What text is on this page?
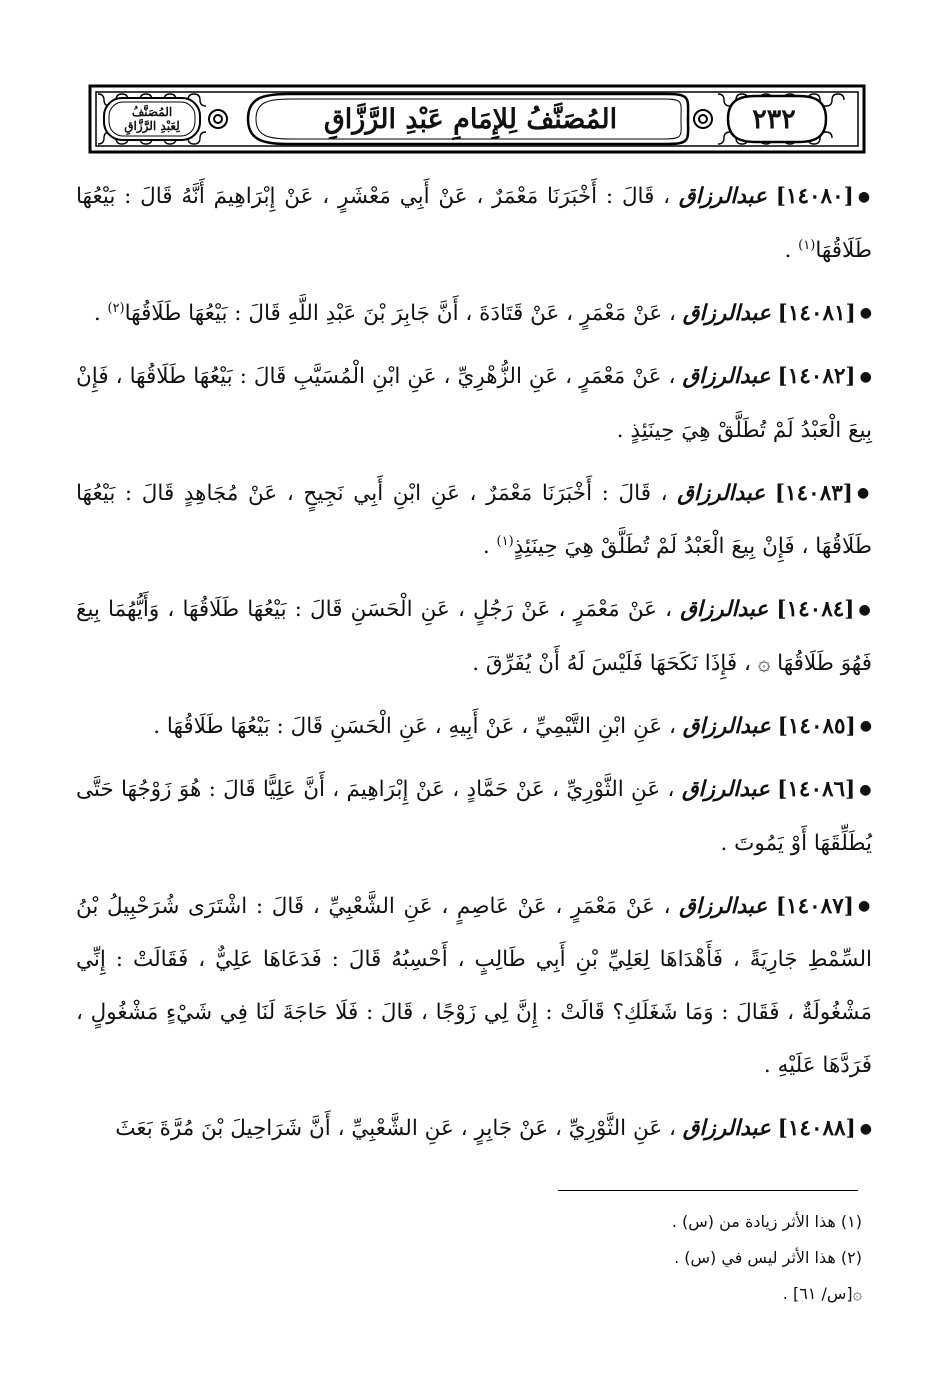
المُصَنَّفُ
لِعَبْدِ الرَّزَّاقِ	المُصَنَّفُ لِلإِمَامِ عَبْدِ الرَّزَّاقِ	٢٣٢

●[١٤٠٨٠] عبدالرزاق ، قَالَ : أَخْبَرَنَا مَعْمَرٌ ، عَنْ أَبِي مَعْشَرٍ ، عَنْ إِبْرَاهِيمَ أَنَّهُ قَالَ : بَيْعُهَا طَلَاقُهَا$^{(١)}$ .

●[١٤٠٨١] عبدالرزاق ، عَنْ مَعْمَرٍ ، عَنْ قَتَادَةَ ، أَنَّ جَابِرَ بْنَ عَبْدِ اللَّهِ قَالَ : بَيْعُهَا طَلَاقُهَا$^{(٢)}$ .

●[١٤٠٨٢] عبدالرزاق ، عَنْ مَعْمَرٍ ، عَنِ الزُّهْرِيِّ ، عَنِ ابْنِ الْمُسَيَّبِ قَالَ : بَيْعُهَا طَلَاقُهَا ، فَإِنْ بِيعَ الْعَبْدُ لَمْ تُطَلَّقْ هِيَ حِينَئِذٍ .

●[١٤٠٨٣] عبدالرزاق ، قَالَ : أَخْبَرَنَا مَعْمَرٌ ، عَنِ ابْنِ أَبِي نَجِيحٍ ، عَنْ مُجَاهِدٍ قَالَ : بَيْعُهَا طَلَاقُهَا ، فَإِنْ بِيعَ الْعَبْدُ لَمْ تُطَلَّقْ هِيَ حِينَئِذٍ$^{(١)}$ .

●[١٤٠٨٤] عبدالرزاق ، عَنْ مَعْمَرٍ ، عَنْ رَجُلٍ ، عَنِ الْحَسَنِ قَالَ : بَيْعُهَا طَلَاقُهَا ، وَأَيُّهُمَا بِيعَ فَهُوَ طَلَاقُهَا ۞ ، فَإِذَا نَكَحَهَا فَلَيْسَ لَهُ أَنْ يُفَرِّقَ .

●[١٤٠٨٥] عبدالرزاق ، عَنِ ابْنِ التَّيْمِيِّ ، عَنْ أَبِيهِ ، عَنِ الْحَسَنِ قَالَ : بَيْعُهَا طَلَاقُهَا .

●[١٤٠٨٦] عبدالرزاق ، عَنِ الثَّوْرِيِّ ، عَنْ حَمَّادٍ ، عَنْ إِبْرَاهِيمَ ، أَنَّ عَلِيًّا قَالَ : هُوَ زَوْجُهَا حَتَّى يُطَلِّقَهَا أَوْ يَمُوتَ .

●[١٤٠٨٧] عبدالرزاق ، عَنْ مَعْمَرٍ ، عَنْ عَاصِمٍ ، عَنِ الشَّعْبِيِّ ، قَالَ : اشْتَرَى شُرَحْبِيلُ بْنُ السِّمْطِ جَارِيَةً ، فَأَهْدَاهَا لِعَلِيِّ بْنِ أَبِي طَالِبٍ ، أَحْسِبُهُ قَالَ : فَدَعَاهَا عَلِيٌّ ، فَقَالَتْ : إِنِّي مَشْغُولَةٌ ، فَقَالَ : وَمَا شَغَلَكِ؟ قَالَتْ : إِنَّ لِي زَوْجًا ، قَالَ : فَلَا حَاجَةَ لَنَا فِي شَيْءٍ مَشْغُولٍ ، فَرَدَّهَا عَلَيْهِ .

●[١٤٠٨٨] عبدالرزاق ، عَنِ الثَّوْرِيِّ ، عَنْ جَابِرٍ ، عَنِ الشَّعْبِيِّ ، أَنَّ شَرَاحِيلَ بْنَ مُرَّةَ بَعَثَ

(١) هذا الأثر زيادة من (س) .
(٢) هذا الأثر ليس في (س) .
۞[س/ ٦١] .
